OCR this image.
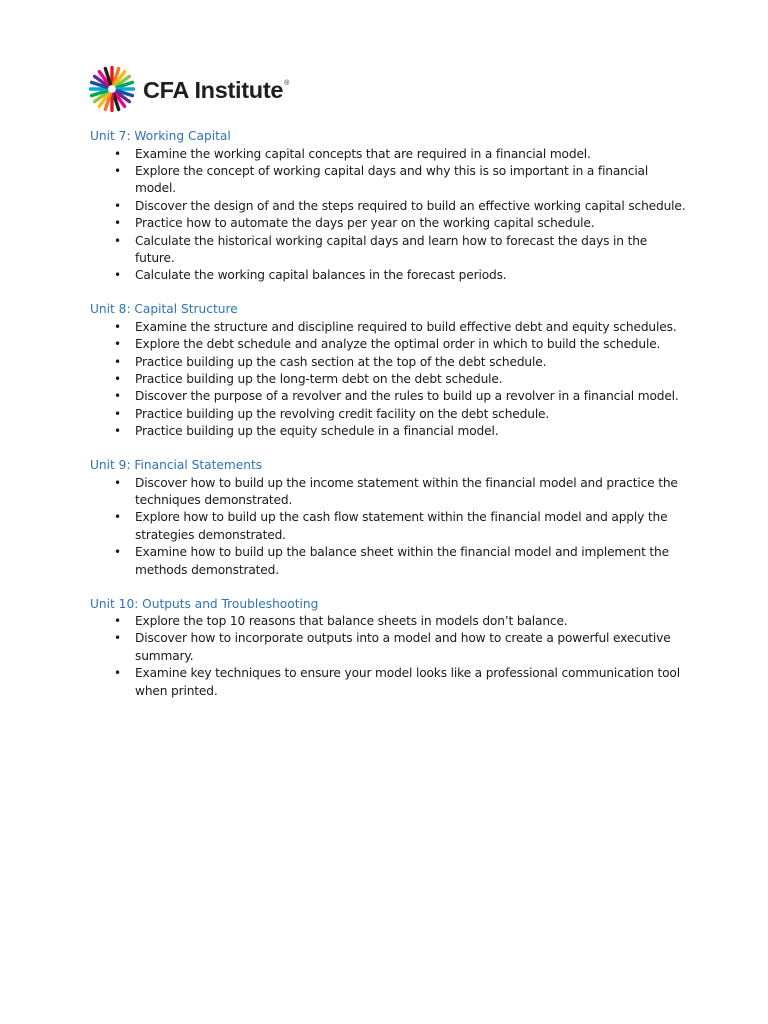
CFA Institute®
Unit 7: Working Capital
• Examine the working capital concepts that are required in a financial model.
• Explore the concept of working capital days and why this is so important in a financial model.
• Discover the design of and the steps required to build an effective working capital schedule.
• Practice how to automate the days per year on the working capital schedule.
• Calculate the historical working capital days and learn how to forecast the days in the future.
• Calculate the working capital balances in the forecast periods.
Unit 8: Capital Structure
• Examine the structure and discipline required to build effective debt and equity schedules.
• Explore the debt schedule and analyze the optimal order in which to build the schedule.
• Practice building up the cash section at the top of the debt schedule.
• Practice building up the long-term debt on the debt schedule.
• Discover the purpose of a revolver and the rules to build up a revolver in a financial model.
• Practice building up the revolving credit facility on the debt schedule.
• Practice building up the equity schedule in a financial model.
Unit 9: Financial Statements
• Discover how to build up the income statement within the financial model and practice the techniques demonstrated.
• Explore how to build up the cash flow statement within the financial model and apply the strategies demonstrated.
• Examine how to build up the balance sheet within the financial model and implement the methods demonstrated.
Unit 10: Outputs and Troubleshooting
• Explore the top 10 reasons that balance sheets in models don’t balance.
• Discover how to incorporate outputs into a model and how to create a powerful executive summary.
• Examine key techniques to ensure your model looks like a professional communication tool when printed.
